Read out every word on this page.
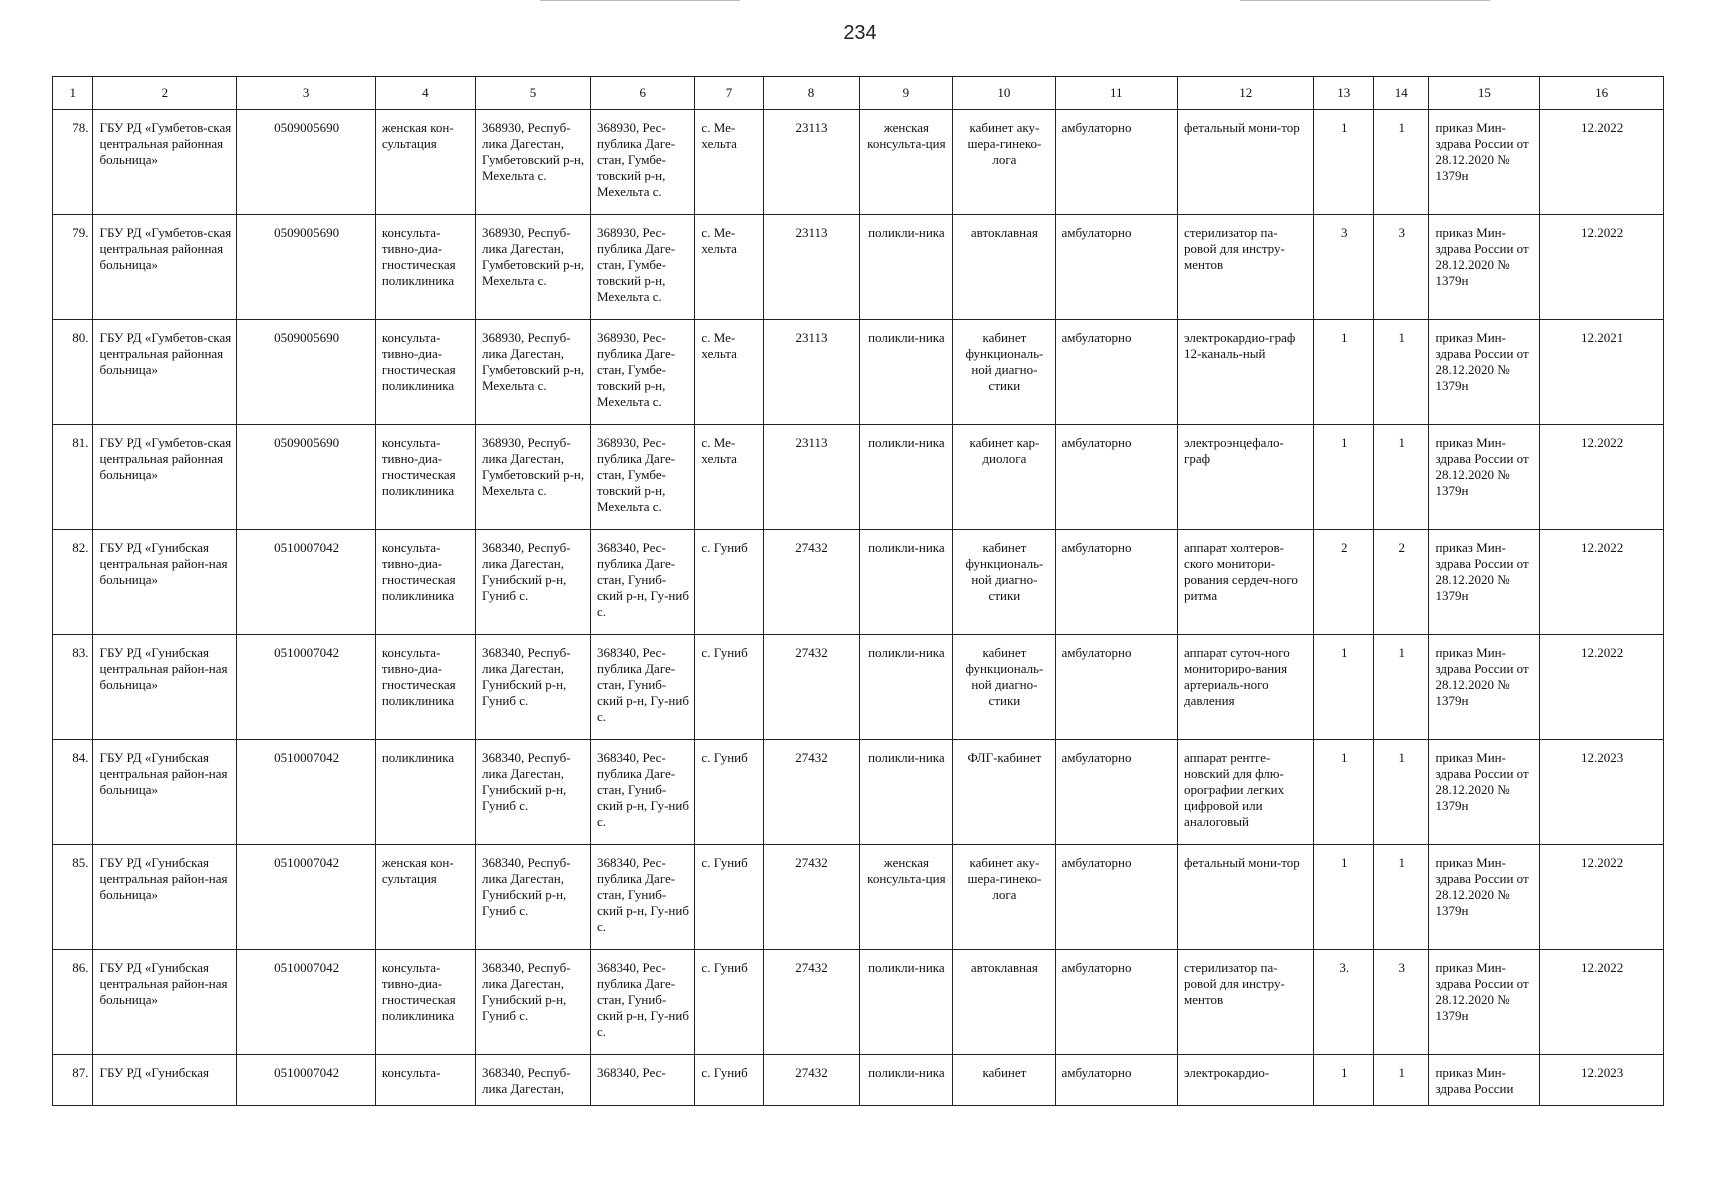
234
1	2	3	4	5	6	7	8	9	10	11	12	13	14	15	16
78.	ГБУ РД «Гумбетов-ская центральная районная больница»	0509005690	женская кон-сультация	368930, Респуб-лика Дагестан, Гумбетовский р-н, Мехельта с.	368930, Рес-публика Даге-стан, Гумбе-товский р-н, Мехельта с.	с. Ме-хельта	23113	женская консульта-ция	кабинет аку-шера-гинеко-лога	амбулаторно	фетальный мони-тор	1	1	приказ Мин-здрава России от 28.12.2020 № 1379н	12.2022
79.	ГБУ РД «Гумбетов-ская центральная районная больница»	0509005690	консульта-тивно-диа-гностическая поликлиника	368930, Респуб-лика Дагестан, Гумбетовский р-н, Мехельта с.	368930, Рес-публика Даге-стан, Гумбе-товский р-н, Мехельта с.	с. Ме-хельта	23113	поликли-ника	автоклавная	амбулаторно	стерилизатор па-ровой для инстру-ментов	3	3	приказ Мин-здрава России от 28.12.2020 № 1379н	12.2022
80.	ГБУ РД «Гумбетов-ская центральная районная больница»	0509005690	консульта-тивно-диа-гностическая поликлиника	368930, Респуб-лика Дагестан, Гумбетовский р-н, Мехельта с.	368930, Рес-публика Даге-стан, Гумбе-товский р-н, Мехельта с.	с. Ме-хельта	23113	поликли-ника	кабинет функциональ-ной диагно-стики	амбулаторно	электрокардио-граф 12-каналь-ный	1	1	приказ Мин-здрава России от 28.12.2020 № 1379н	12.2021
81.	ГБУ РД «Гумбетов-ская центральная районная больница»	0509005690	консульта-тивно-диа-гностическая поликлиника	368930, Респуб-лика Дагестан, Гумбетовский р-н, Мехельта с.	368930, Рес-публика Даге-стан, Гумбе-товский р-н, Мехельта с.	с. Ме-хельта	23113	поликли-ника	кабинет кар-диолога	амбулаторно	электроэнцефало-граф	1	1	приказ Мин-здрава России от 28.12.2020 № 1379н	12.2022
82.	ГБУ РД «Гунибская центральная район-ная больница»	0510007042	консульта-тивно-диа-гностическая поликлиника	368340, Респуб-лика Дагестан, Гунибский р-н, Гуниб с.	368340, Рес-публика Даге-стан, Гуниб-ский р-н, Гу-ниб с.	с. Гуниб	27432	поликли-ника	кабинет функциональ-ной диагно-стики	амбулаторно	аппарат холтеров-ского монитори-рования сердеч-ного ритма	2	2	приказ Мин-здрава России от 28.12.2020 № 1379н	12.2022
83.	ГБУ РД «Гунибская центральная район-ная больница»	0510007042	консульта-тивно-диа-гностическая поликлиника	368340, Респуб-лика Дагестан, Гунибский р-н, Гуниб с.	368340, Рес-публика Даге-стан, Гуниб-ский р-н, Гу-ниб с.	с. Гуниб	27432	поликли-ника	кабинет функциональ-ной диагно-стики	амбулаторно	аппарат суточ-ного мониториро-вания артериаль-ного давления	1	1	приказ Мин-здрава России от 28.12.2020 № 1379н	12.2022
84.	ГБУ РД «Гунибская центральная район-ная больница»	0510007042	поликлиника	368340, Респуб-лика Дагестан, Гунибский р-н, Гуниб с.	368340, Рес-публика Даге-стан, Гуниб-ский р-н, Гу-ниб с.	с. Гуниб	27432	поликли-ника	ФЛГ-кабинет	амбулаторно	аппарат рентге-новский для флю-орографии легких цифровой или аналоговый	1	1	приказ Мин-здрава России от 28.12.2020 № 1379н	12.2023
85.	ГБУ РД «Гунибская центральная район-ная больница»	0510007042	женская кон-сультация	368340, Респуб-лика Дагестан, Гунибский р-н, Гуниб с.	368340, Рес-публика Даге-стан, Гуниб-ский р-н, Гу-ниб с.	с. Гуниб	27432	женская консульта-ция	кабинет аку-шера-гинеко-лога	амбулаторно	фетальный мони-тор	1	1	приказ Мин-здрава России от 28.12.2020 № 1379н	12.2022
86.	ГБУ РД «Гунибская центральная район-ная больница»	0510007042	консульта-тивно-диа-гностическая поликлиника	368340, Респуб-лика Дагестан, Гунибский р-н, Гуниб с.	368340, Рес-публика Даге-стан, Гуниб-ский р-н, Гу-ниб с.	с. Гуниб	27432	поликли-ника	автоклавная	амбулаторно	стерилизатор па-ровой для инстру-ментов	3.	3	приказ Мин-здрава России от 28.12.2020 № 1379н	12.2022
87.	ГБУ РД «Гунибская	0510007042	консульта-	368340, Респуб-лика Дагестан,	368340, Рес-	с. Гуниб	27432	поликли-ника	кабинет	амбулаторно	электрокардио-	1	1	приказ Мин-здрава России	12.2023
